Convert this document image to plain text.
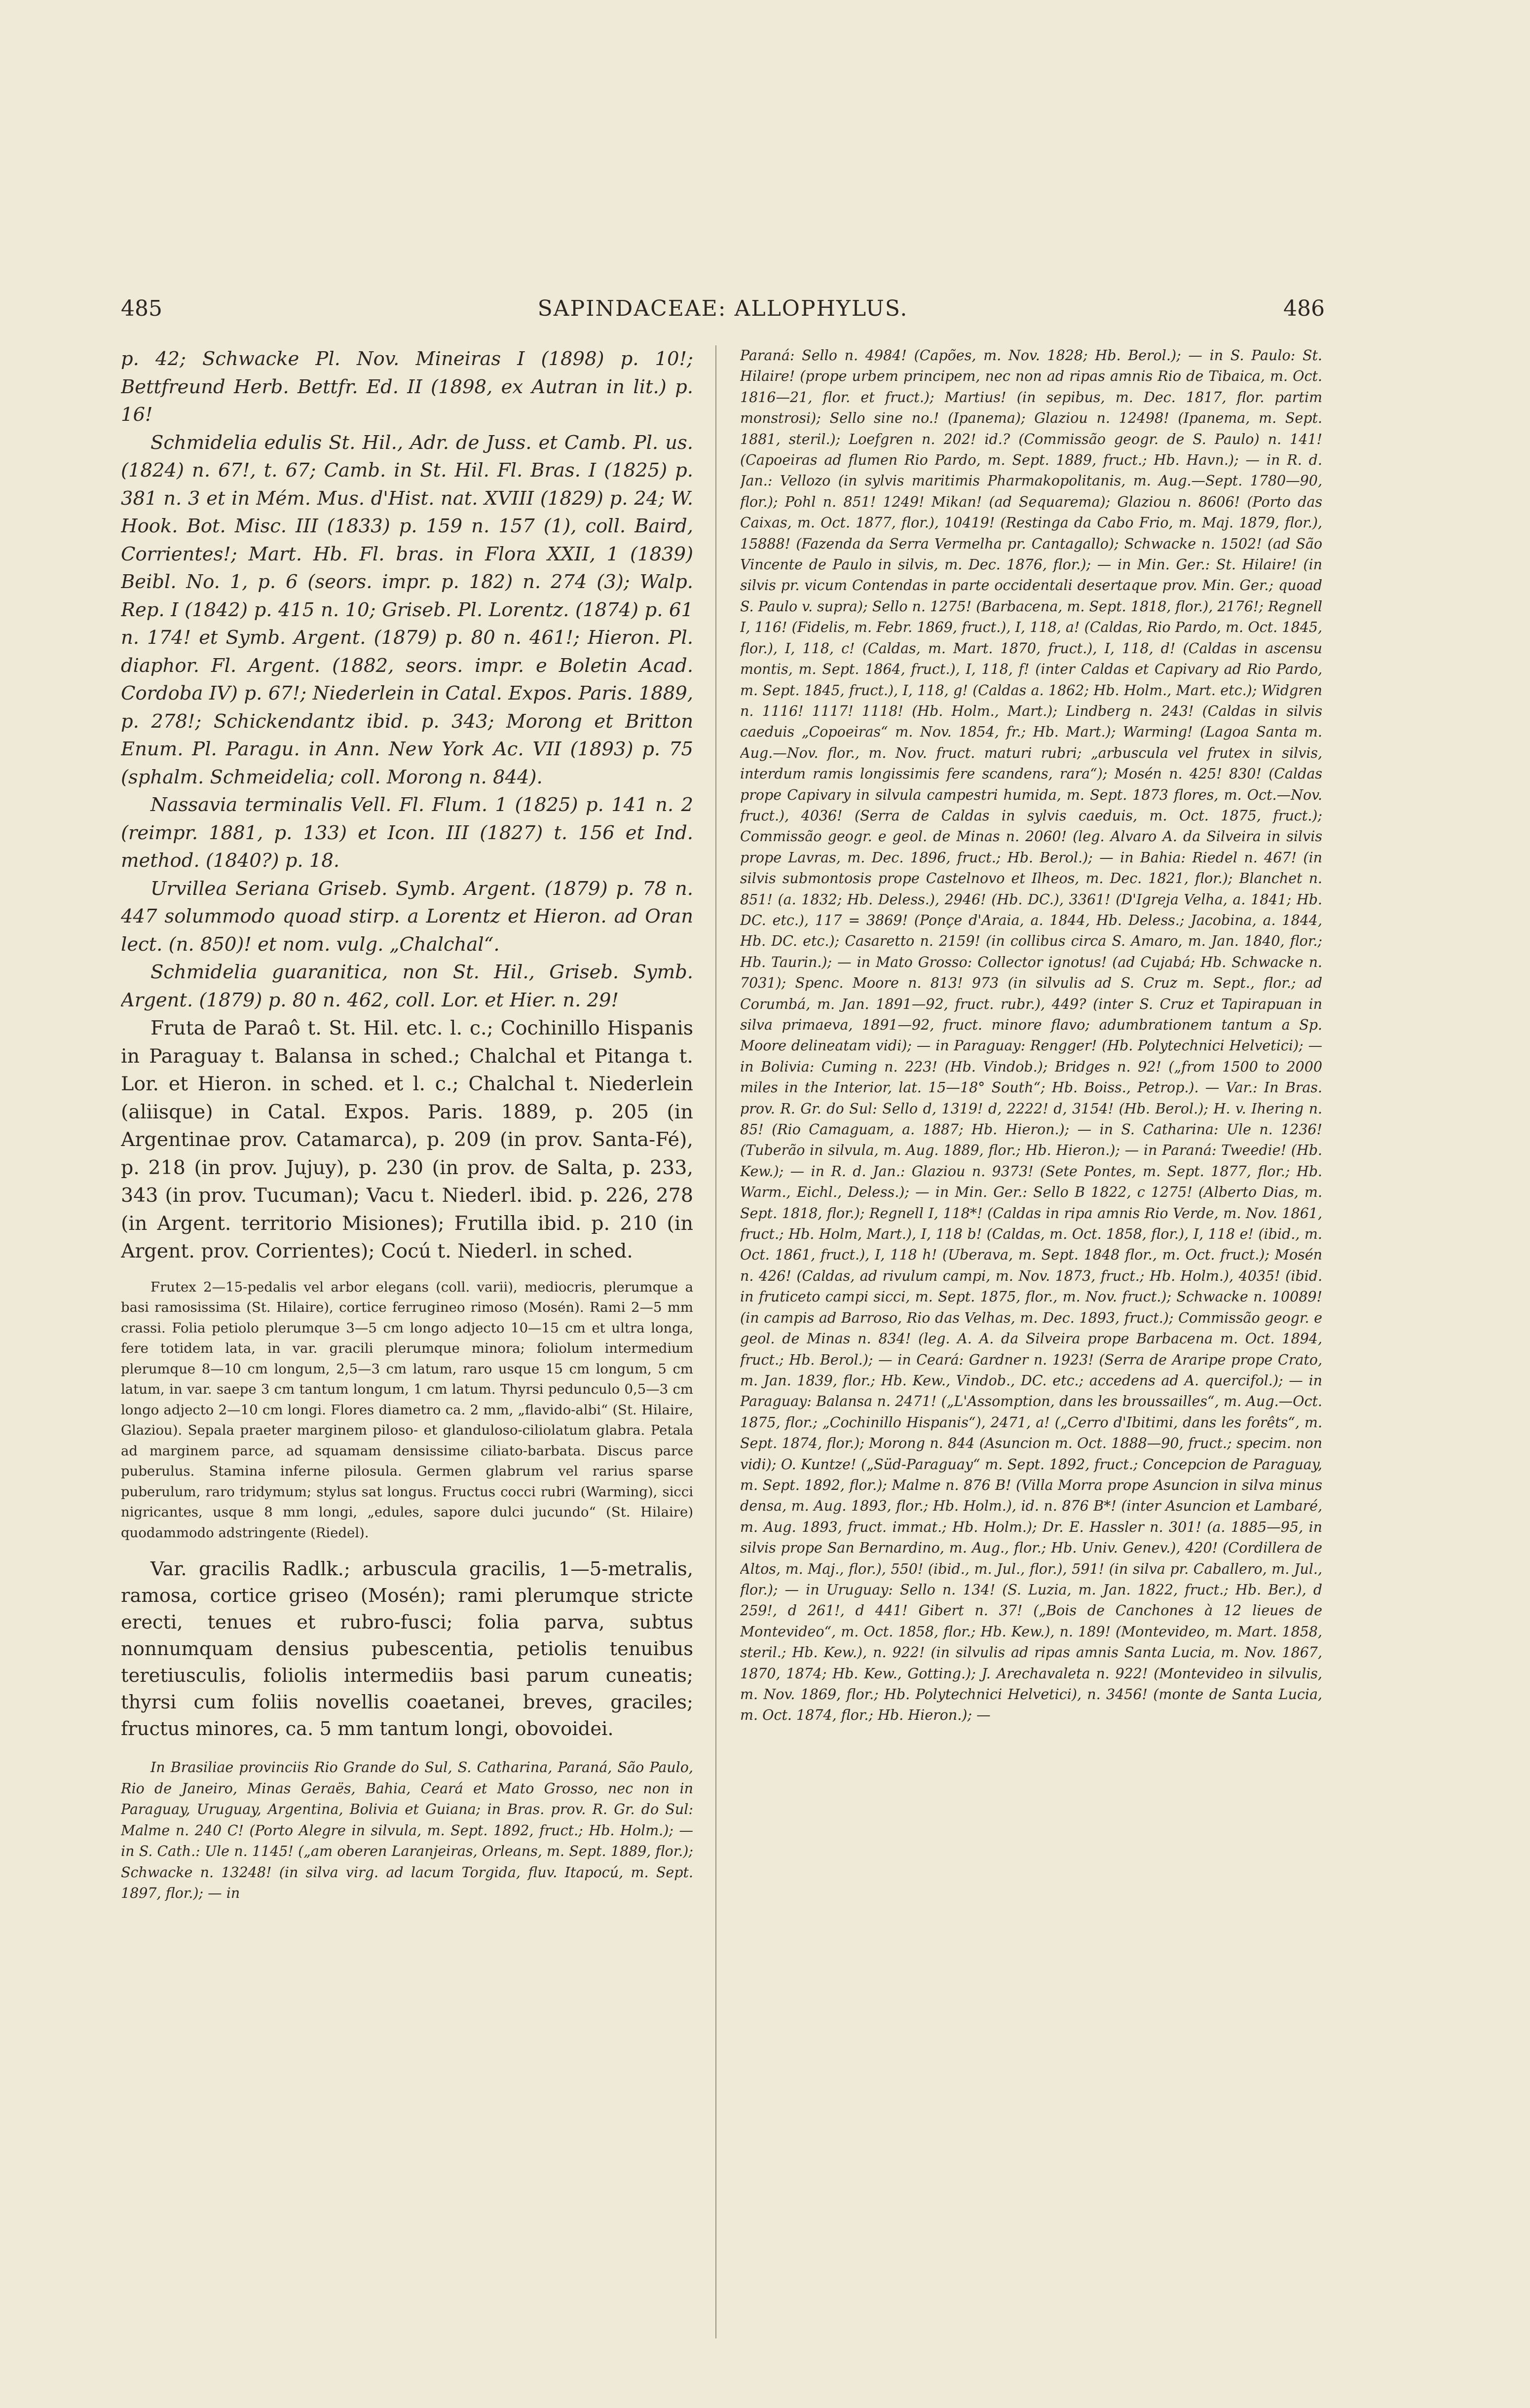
485	SAPINDACEAE: ALLOPHYLUS.	486

p. 42; Schwacke Pl. Nov. Mineiras I (1898) p. 10!; Bettfreund Herb. Bettfr. Ed. II (1898, ex Autran in lit.) p. 16!

Schmidelia edulis St. Hil., Adr. de Juss. et Camb. Pl. us. (1824) n. 67!, t. 67; Camb. in St. Hil. Fl. Bras. I (1825) p. 381 n. 3 et in Mém. Mus. d'Hist. nat. XVIII (1829) p. 24; W. Hook. Bot. Misc. III (1833) p. 159 n. 157 (1), coll. Baird, Corrientes!; Mart. Hb. Fl. bras. in Flora XXII, 1 (1839) Beibl. No. 1, p. 6 (seors. impr. p. 182) n. 274 (3); Walp. Rep. I (1842) p. 415 n. 10; Griseb. Pl. Lorentz. (1874) p. 61 n. 174! et Symb. Argent. (1879) p. 80 n. 461!; Hieron. Pl. diaphor. Fl. Argent. (1882, seors. impr. e Boletin Acad. Cordoba IV) p. 67!; Niederlein in Catal. Expos. Paris. 1889, p. 278!; Schickendantz ibid. p. 343; Morong et Britton Enum. Pl. Paragu. in Ann. New York Ac. VII (1893) p. 75 (sphalm. Schmeidelia; coll. Morong n. 844).

Nassavia terminalis Vell. Fl. Flum. 1 (1825) p. 141 n. 2 (reimpr. 1881, p. 133) et Icon. III (1827) t. 156 et Ind. method. (1840?) p. 18.

Urvillea Seriana Griseb. Symb. Argent. (1879) p. 78 n. 447 solummodo quoad stirp. a Lorentz et Hieron. ad Oran lect. (n. 850)! et nom. vulg. „Chalchal“.

Schmidelia guaranitica, non St. Hil., Griseb. Symb. Argent. (1879) p. 80 n. 462, coll. Lor. et Hier. n. 29!

Fruta de Paraô t. St. Hil. etc. l. c.; Cochinillo Hispanis in Paraguay t. Balansa in sched.; Chalchal et Pitanga t. Lor. et Hieron. in sched. et l. c.; Chalchal t. Niederlein (aliisque) in Catal. Expos. Paris. 1889, p. 205 (in Argentinae prov. Catamarca), p. 209 (in prov. Santa-Fé), p. 218 (in prov. Jujuy), p. 230 (in prov. de Salta, p. 233, 343 (in prov. Tucuman); Vacu t. Niederl. ibid. p. 226, 278 (in Argent. territorio Misiones); Frutilla ibid. p. 210 (in Argent. prov. Corrientes); Cocú t. Niederl. in sched.

Frutex 2—15-pedalis vel arbor elegans (coll. varii), mediocris, plerumque a basi ramosissima (St. Hilaire), cortice ferrugineo rimoso (Mosén). Rami 2—5 mm crassi. Folia petiolo plerumque 3—5 cm longo adjecto 10—15 cm et ultra longa, fere totidem lata, in var. gracili plerumque minora; foliolum intermedium plerumque 8—10 cm longum, 2,5—3 cm latum, raro usque 15 cm longum, 5 cm latum, in var. saepe 3 cm tantum longum, 1 cm latum. Thyrsi pedunculo 0,5—3 cm longo adjecto 2—10 cm longi. Flores diametro ca. 2 mm, „flavido-albi“ (St. Hilaire, Glaziou). Sepala praeter marginem piloso- et glanduloso-ciliolatum glabra. Petala ad marginem parce, ad squamam densissime ciliato-barbata. Discus parce puberulus. Stamina inferne pilosula. Germen glabrum vel rarius sparse puberulum, raro tridymum; stylus sat longus. Fructus cocci rubri (Warming), sicci nigricantes, usque 8 mm longi, „edules, sapore dulci jucundo“ (St. Hilaire) quodammodo adstringente (Riedel).

Var. gracilis Radlk.; arbuscula gracilis, 1—5-metralis, ramosa, cortice griseo (Mosén); rami plerumque stricte erecti, tenues et rubro-fusci; folia parva, subtus nonnumquam densius pubescentia, petiolis tenuibus teretiusculis, foliolis intermediis basi parum cuneatis; thyrsi cum foliis novellis coaetanei, breves, graciles; fructus minores, ca. 5 mm tantum longi, obovoidei.

In Brasiliae provinciis Rio Grande do Sul, S. Catharina, Paraná, São Paulo, Rio de Janeiro, Minas Geraës, Bahia, Ceará et Mato Grosso, nec non in Paraguay, Uruguay, Argentina, Bolivia et Guiana; in Bras. prov. R. Gr. do Sul: Malme n. 240 C! (Porto Alegre in silvula, m. Sept. 1892, fruct.; Hb. Holm.); — in S. Cath.: Ule n. 1145! („am oberen Laranjeiras, Orleans, m. Sept. 1889, flor.); Schwacke n. 13248! (in silva virg. ad lacum Torgida, fluv. Itapocú, m. Sept. 1897, flor.); — in

Paraná: Sello n. 4984! (Capões, m. Nov. 1828; Hb. Berol.); — in S. Paulo: St. Hilaire! (prope urbem principem, nec non ad ripas amnis Rio de Tibaica, m. Oct. 1816—21, flor. et fruct.); Martius! (in sepibus, m. Dec. 1817, flor. partim monstrosi); Sello sine no.! (Ipanema); Glaziou n. 12498! (Ipanema, m. Sept. 1881, steril.); Loefgren n. 202! id.? (Commissão geogr. de S. Paulo) n. 141! (Capoeiras ad flumen Rio Pardo, m. Sept. 1889, fruct.; Hb. Havn.); — in R. d. Jan.: Vellozo (in sylvis maritimis Pharmakopolitanis, m. Aug.—Sept. 1780—90, flor.); Pohl n. 851! 1249! Mikan! (ad Sequarema); Glaziou n. 8606! (Porto das Caixas, m. Oct. 1877, flor.), 10419! (Restinga da Cabo Frio, m. Maj. 1879, flor.), 15888! (Fazenda da Serra Vermelha pr. Cantagallo); Schwacke n. 1502! (ad São Vincente de Paulo in silvis, m. Dec. 1876, flor.); — in Min. Ger.: St. Hilaire! (in silvis pr. vicum Contendas in parte occidentali desertaque prov. Min. Ger.; quoad S. Paulo v. supra); Sello n. 1275! (Barbacena, m. Sept. 1818, flor.), 2176!; Regnell I, 116! (Fidelis, m. Febr. 1869, fruct.), I, 118, a! (Caldas, Rio Pardo, m. Oct. 1845, flor.), I, 118, c! (Caldas, m. Mart. 1870, fruct.), I, 118, d! (Caldas in ascensu montis, m. Sept. 1864, fruct.), I, 118, f! (inter Caldas et Capivary ad Rio Pardo, m. Sept. 1845, fruct.), I, 118, g! (Caldas a. 1862; Hb. Holm., Mart. etc.); Widgren n. 1116! 1117! 1118! (Hb. Holm., Mart.); Lindberg n. 243! (Caldas in silvis caeduis „Copoeiras“ m. Nov. 1854, fr.; Hb. Mart.); Warming! (Lagoa Santa m. Aug.—Nov. flor., m. Nov. fruct. maturi rubri; „arbuscula vel frutex in silvis, interdum ramis longissimis fere scandens, rara“); Mosén n. 425! 830! (Caldas prope Capivary in silvula campestri humida, m. Sept. 1873 flores, m. Oct.—Nov. fruct.), 4036! (Serra de Caldas in sylvis caeduis, m. Oct. 1875, fruct.); Commissão geogr. e geol. de Minas n. 2060! (leg. Alvaro A. da Silveira in silvis prope Lavras, m. Dec. 1896, fruct.; Hb. Berol.); — in Bahia: Riedel n. 467! (in silvis submontosis prope Castelnovo et Ilheos, m. Dec. 1821, flor.); Blanchet n. 851! (a. 1832; Hb. Deless.), 2946! (Hb. DC.), 3361! (D'Igreja Velha, a. 1841; Hb. DC. etc.), 117 = 3869! (Ponçe d'Araia, a. 1844, Hb. Deless.; Jacobina, a. 1844, Hb. DC. etc.); Casaretto n. 2159! (in collibus circa S. Amaro, m. Jan. 1840, flor.; Hb. Taurin.); — in Mato Grosso: Collector ignotus! (ad Cujabá; Hb. Schwacke n. 7031); Spenc. Moore n. 813! 973 (in silvulis ad S. Cruz m. Sept., flor.; ad Corumbá, m. Jan. 1891—92, fruct. rubr.), 449? (inter S. Cruz et Tapirapuan in silva primaeva, 1891—92, fruct. minore flavo; adumbrationem tantum a Sp. Moore delineatam vidi); — in Paraguay: Rengger! (Hb. Polytechnici Helvetici); — in Bolivia: Cuming n. 223! (Hb. Vindob.); Bridges n. 92! („from 1500 to 2000 miles in the Interior, lat. 15—18° South“; Hb. Boiss., Petrop.). — Var.: In Bras. prov. R. Gr. do Sul: Sello d, 1319! d, 2222! d, 3154! (Hb. Berol.); H. v. Ihering n. 85! (Rio Camaguam, a. 1887; Hb. Hieron.); — in S. Catharina: Ule n. 1236! (Tuberão in silvula, m. Aug. 1889, flor.; Hb. Hieron.); — in Paraná: Tweedie! (Hb. Kew.); — in R. d. Jan.: Glaziou n. 9373! (Sete Pontes, m. Sept. 1877, flor.; Hb. Warm., Eichl., Deless.); — in Min. Ger.: Sello B 1822, c 1275! (Alberto Dias, m. Sept. 1818, flor.); Regnell I, 118*! (Caldas in ripa amnis Rio Verde, m. Nov. 1861, fruct.; Hb. Holm, Mart.), I, 118 b! (Caldas, m. Oct. 1858, flor.), I, 118 e! (ibid., m. Oct. 1861, fruct.), I, 118 h! (Uberava, m. Sept. 1848 flor., m. Oct. fruct.); Mosén n. 426! (Caldas, ad rivulum campi, m. Nov. 1873, fruct.; Hb. Holm.), 4035! (ibid. in fruticeto campi sicci, m. Sept. 1875, flor., m. Nov. fruct.); Schwacke n. 10089! (in campis ad Barroso, Rio das Velhas, m. Dec. 1893, fruct.); Commissão geogr. e geol. de Minas n. 834! (leg. A. A. da Silveira prope Barbacena m. Oct. 1894, fruct.; Hb. Berol.); — in Ceará: Gardner n. 1923! (Serra de Araripe prope Crato, m. Jan. 1839, flor.; Hb. Kew., Vindob., DC. etc.; accedens ad A. quercifol.); — in Paraguay: Balansa n. 2471! („L'Assomption, dans les broussailles“, m. Aug.—Oct. 1875, flor.; „Cochinillo Hispanis“), 2471, a! („Cerro d'Ibitimi, dans les forêts“, m. Sept. 1874, flor.); Morong n. 844 (Asuncion m. Oct. 1888—90, fruct.; specim. non vidi); O. Kuntze! („Süd-Paraguay“ m. Sept. 1892, fruct.; Concepcion de Paraguay, m. Sept. 1892, flor.); Malme n. 876 B! (Villa Morra prope Asuncion in silva minus densa, m. Aug. 1893, flor.; Hb. Holm.), id. n. 876 B*! (inter Asuncion et Lambaré, m. Aug. 1893, fruct. immat.; Hb. Holm.); Dr. E. Hassler n. 301! (a. 1885—95, in silvis prope San Bernardino, m. Aug., flor.; Hb. Univ. Genev.), 420! (Cordillera de Altos, m. Maj., flor.), 550! (ibid., m. Jul., flor.), 591! (in silva pr. Caballero, m. Jul., flor.); — in Uruguay: Sello n. 134! (S. Luzia, m. Jan. 1822, fruct.; Hb. Ber.), d 259!, d 261!, d 441! Gibert n. 37! („Bois de Canchones à 12 lieues de Montevideo“, m. Oct. 1858, flor.; Hb. Kew.), n. 189! (Montevideo, m. Mart. 1858, steril.; Hb. Kew.), n. 922! (in silvulis ad ripas amnis Santa Lucia, m. Nov. 1867, 1870, 1874; Hb. Kew., Gotting.); J. Arechavaleta n. 922! (Montevideo in silvulis, m. Nov. 1869, flor.; Hb. Polytechnici Helvetici), n. 3456! (monte de Santa Lucia, m. Oct. 1874, flor.; Hb. Hieron.); —
